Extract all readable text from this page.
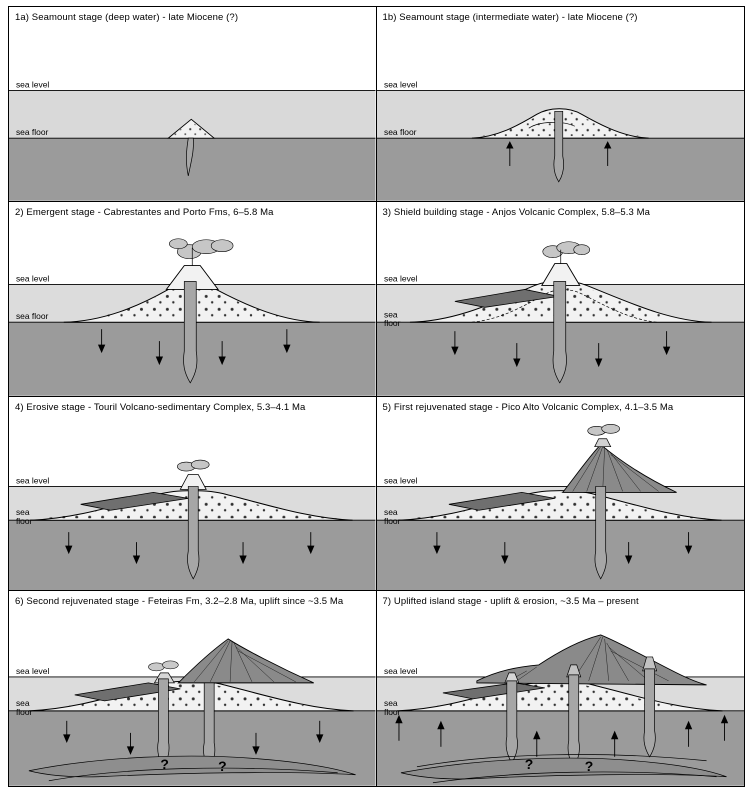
1a) Seamount stage (deep water) - late Miocene (?)
sea level
sea floor
1b) Seamount stage (intermediate water) - late Miocene (?)
sea level
sea floor
2) Emergent stage - Cabrestantes and Porto Fms, 6–5.8 Ma
sea level
sea floor
3) Shield building stage - Anjos Volcanic Complex, 5.8–5.3 Ma
sea level
sea
floor
4) Erosive stage - Touril Volcano-sedimentary Complex, 5.3–4.1 Ma
sea level
sea
floor
5) First rejuvenated stage - Pico Alto Volcanic Complex, 4.1–3.5 Ma
sea level
sea
floor
6) Second rejuvenated stage - Feteiras Fm, 3.2–2.8 Ma, uplift since ~3.5 Ma
?	?
sea level
sea
floor
7) Uplifted island stage - uplift & erosion, ~3.5 Ma – present
?	?
sea level
sea
floor
